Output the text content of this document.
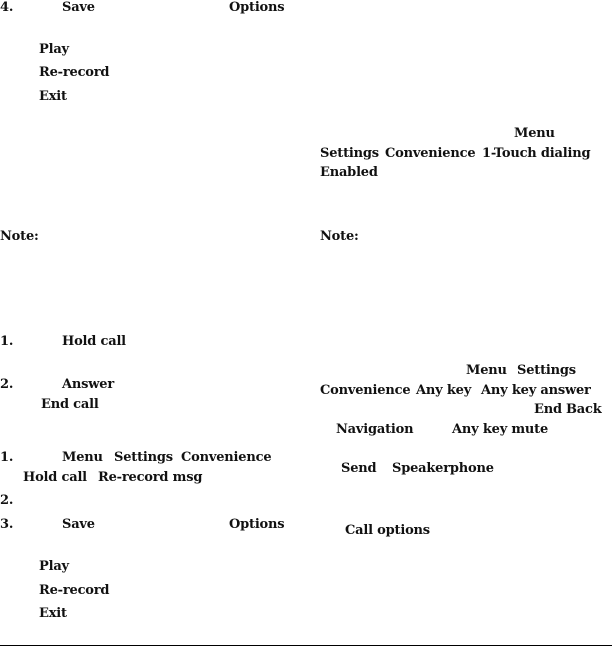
4.	Save	Options
Play
Re-record
Exit
Note:
1.	Hold call
2.	Answer
End call
1.	Menu Settings Convenience
Hold call Re-record msg
2.
3.	Save	Options
Play
Re-record
Exit
Menu
Settings Convenience 1-Touch dialing
Enabled
Note:
Menu Settings
Convenience Any key Any key answer
End Back
Navigation	Any key mute
Send Speakerphone
Call options
